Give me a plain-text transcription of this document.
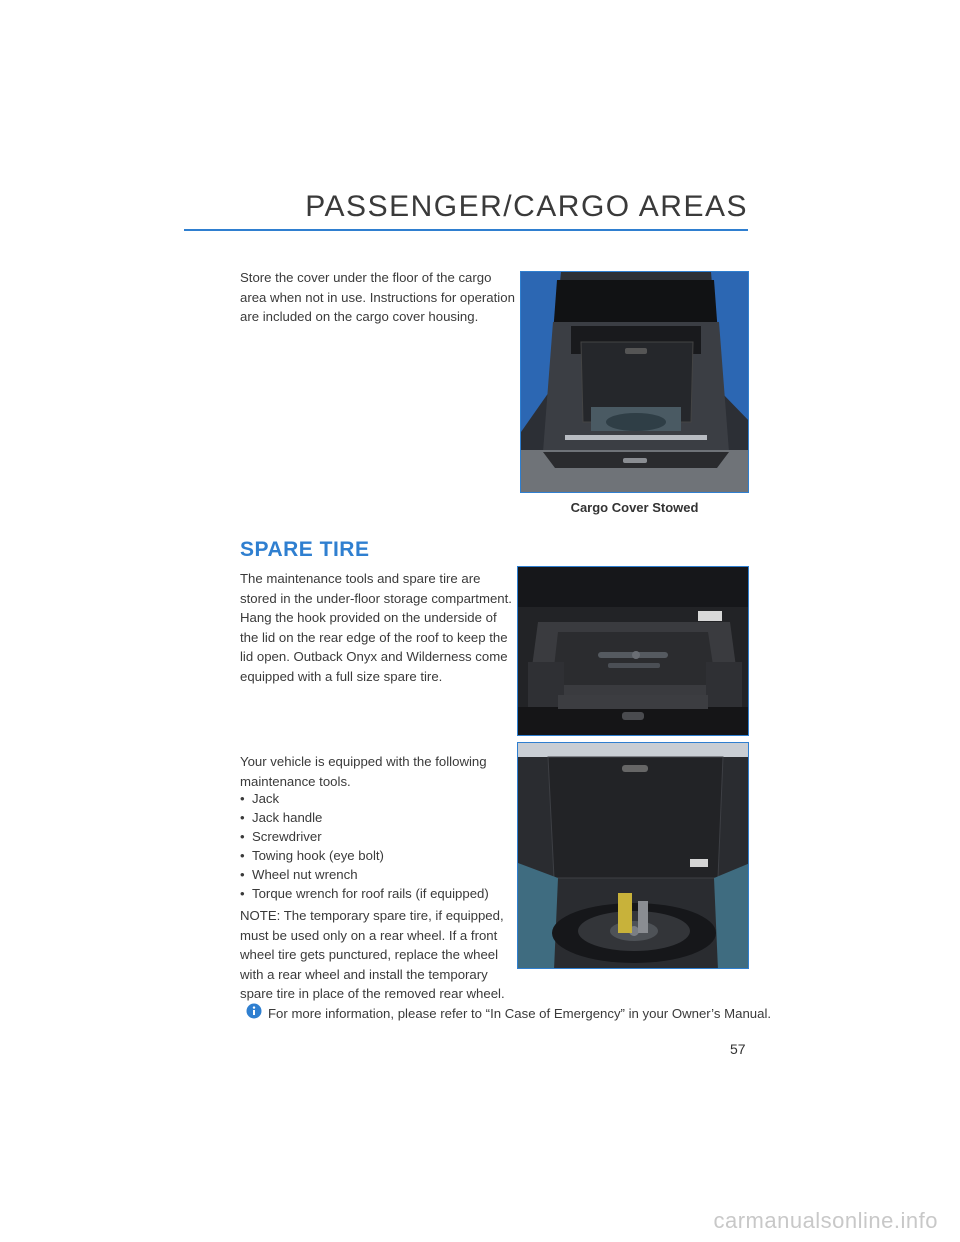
PASSENGER/CARGO AREAS

Store the cover under the floor of the cargo
area when not in use. Instructions for operation
are included on the cargo cover housing.

Cargo Cover Stowed
SPARE TIRE

The maintenance tools and spare tire are
stored in the under-floor storage compartment.
Hang the hook provided on the underside of
the lid on the rear edge of the roof to keep the
lid open. Outback Onyx and Wilderness come
equipped with a full size spare tire.

Your vehicle is equipped with the following
maintenance tools.

• Jack
• Jack handle
• Screwdriver
• Towing hook (eye bolt)
• Wheel nut wrench
• Torque wrench for roof rails (if equipped)

NOTE: The temporary spare tire, if equipped,
must be used only on a rear wheel. If a front
wheel tire gets punctured, replace the wheel
with a rear wheel and install the temporary
spare tire in place of the removed rear wheel.

For more information, please refer to “In Case of Emergency” in your Owner’s Manual.
57
carmanualsonline.info
